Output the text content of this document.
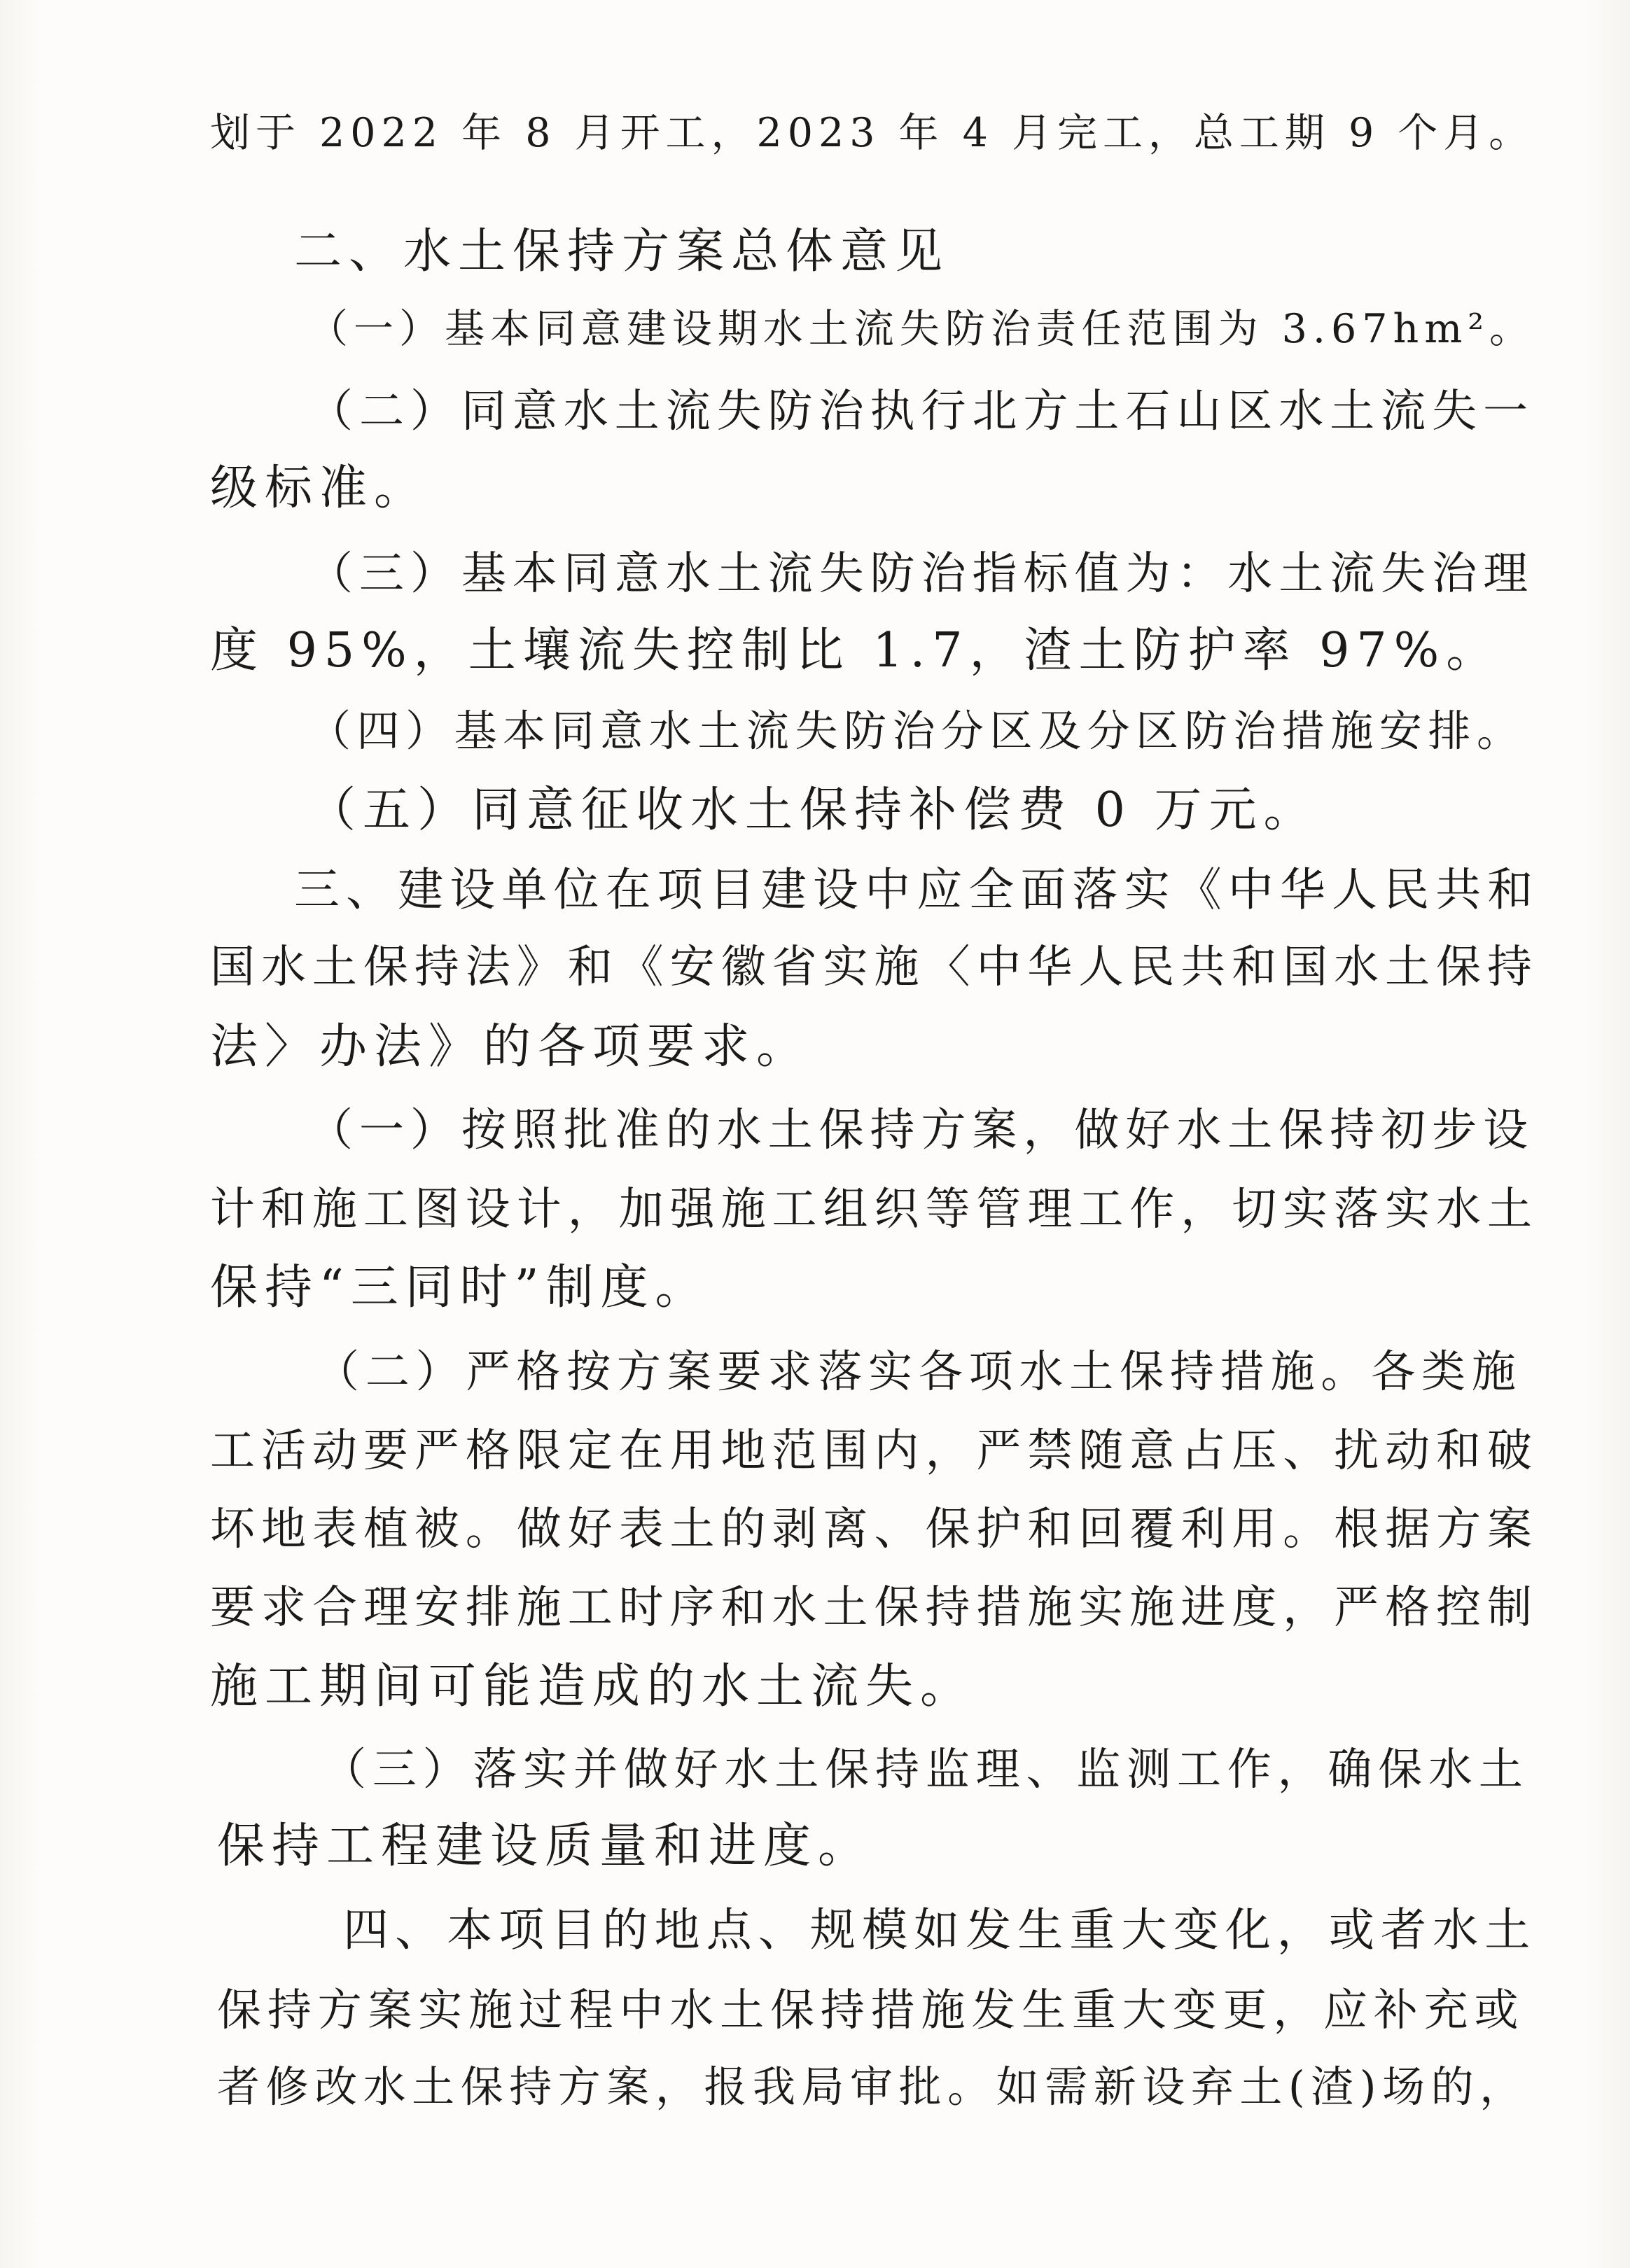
划于 2022 年 8 月开工，2023 年 4 月完工，总工期 9 个月。
二、水土保持方案总体意见
（一）基本同意建设期水土流失防治责任范围为 3.67hm²。
（二）同意水土流失防治执行北方土石山区水土流失一
级标准。
（三）基本同意水土流失防治指标值为：水土流失治理
度 95%，土壤流失控制比 1.7，渣土防护率 97%。
（四）基本同意水土流失防治分区及分区防治措施安排。
（五）同意征收水土保持补偿费 0 万元。
三、建设单位在项目建设中应全面落实《中华人民共和
国水土保持法》和《安徽省实施〈中华人民共和国水土保持
法〉办法》的各项要求。
（一）按照批准的水土保持方案，做好水土保持初步设
计和施工图设计，加强施工组织等管理工作，切实落实水土
保持“三同时”制度。
（二）严格按方案要求落实各项水土保持措施。各类施
工活动要严格限定在用地范围内，严禁随意占压、扰动和破
坏地表植被。做好表土的剥离、保护和回覆利用。根据方案
要求合理安排施工时序和水土保持措施实施进度，严格控制
施工期间可能造成的水土流失。
（三）落实并做好水土保持监理、监测工作，确保水土
保持工程建设质量和进度。
四、本项目的地点、规模如发生重大变化，或者水土
保持方案实施过程中水土保持措施发生重大变更，应补充或
者修改水土保持方案，报我局审批。如需新设弃土(渣)场的，
